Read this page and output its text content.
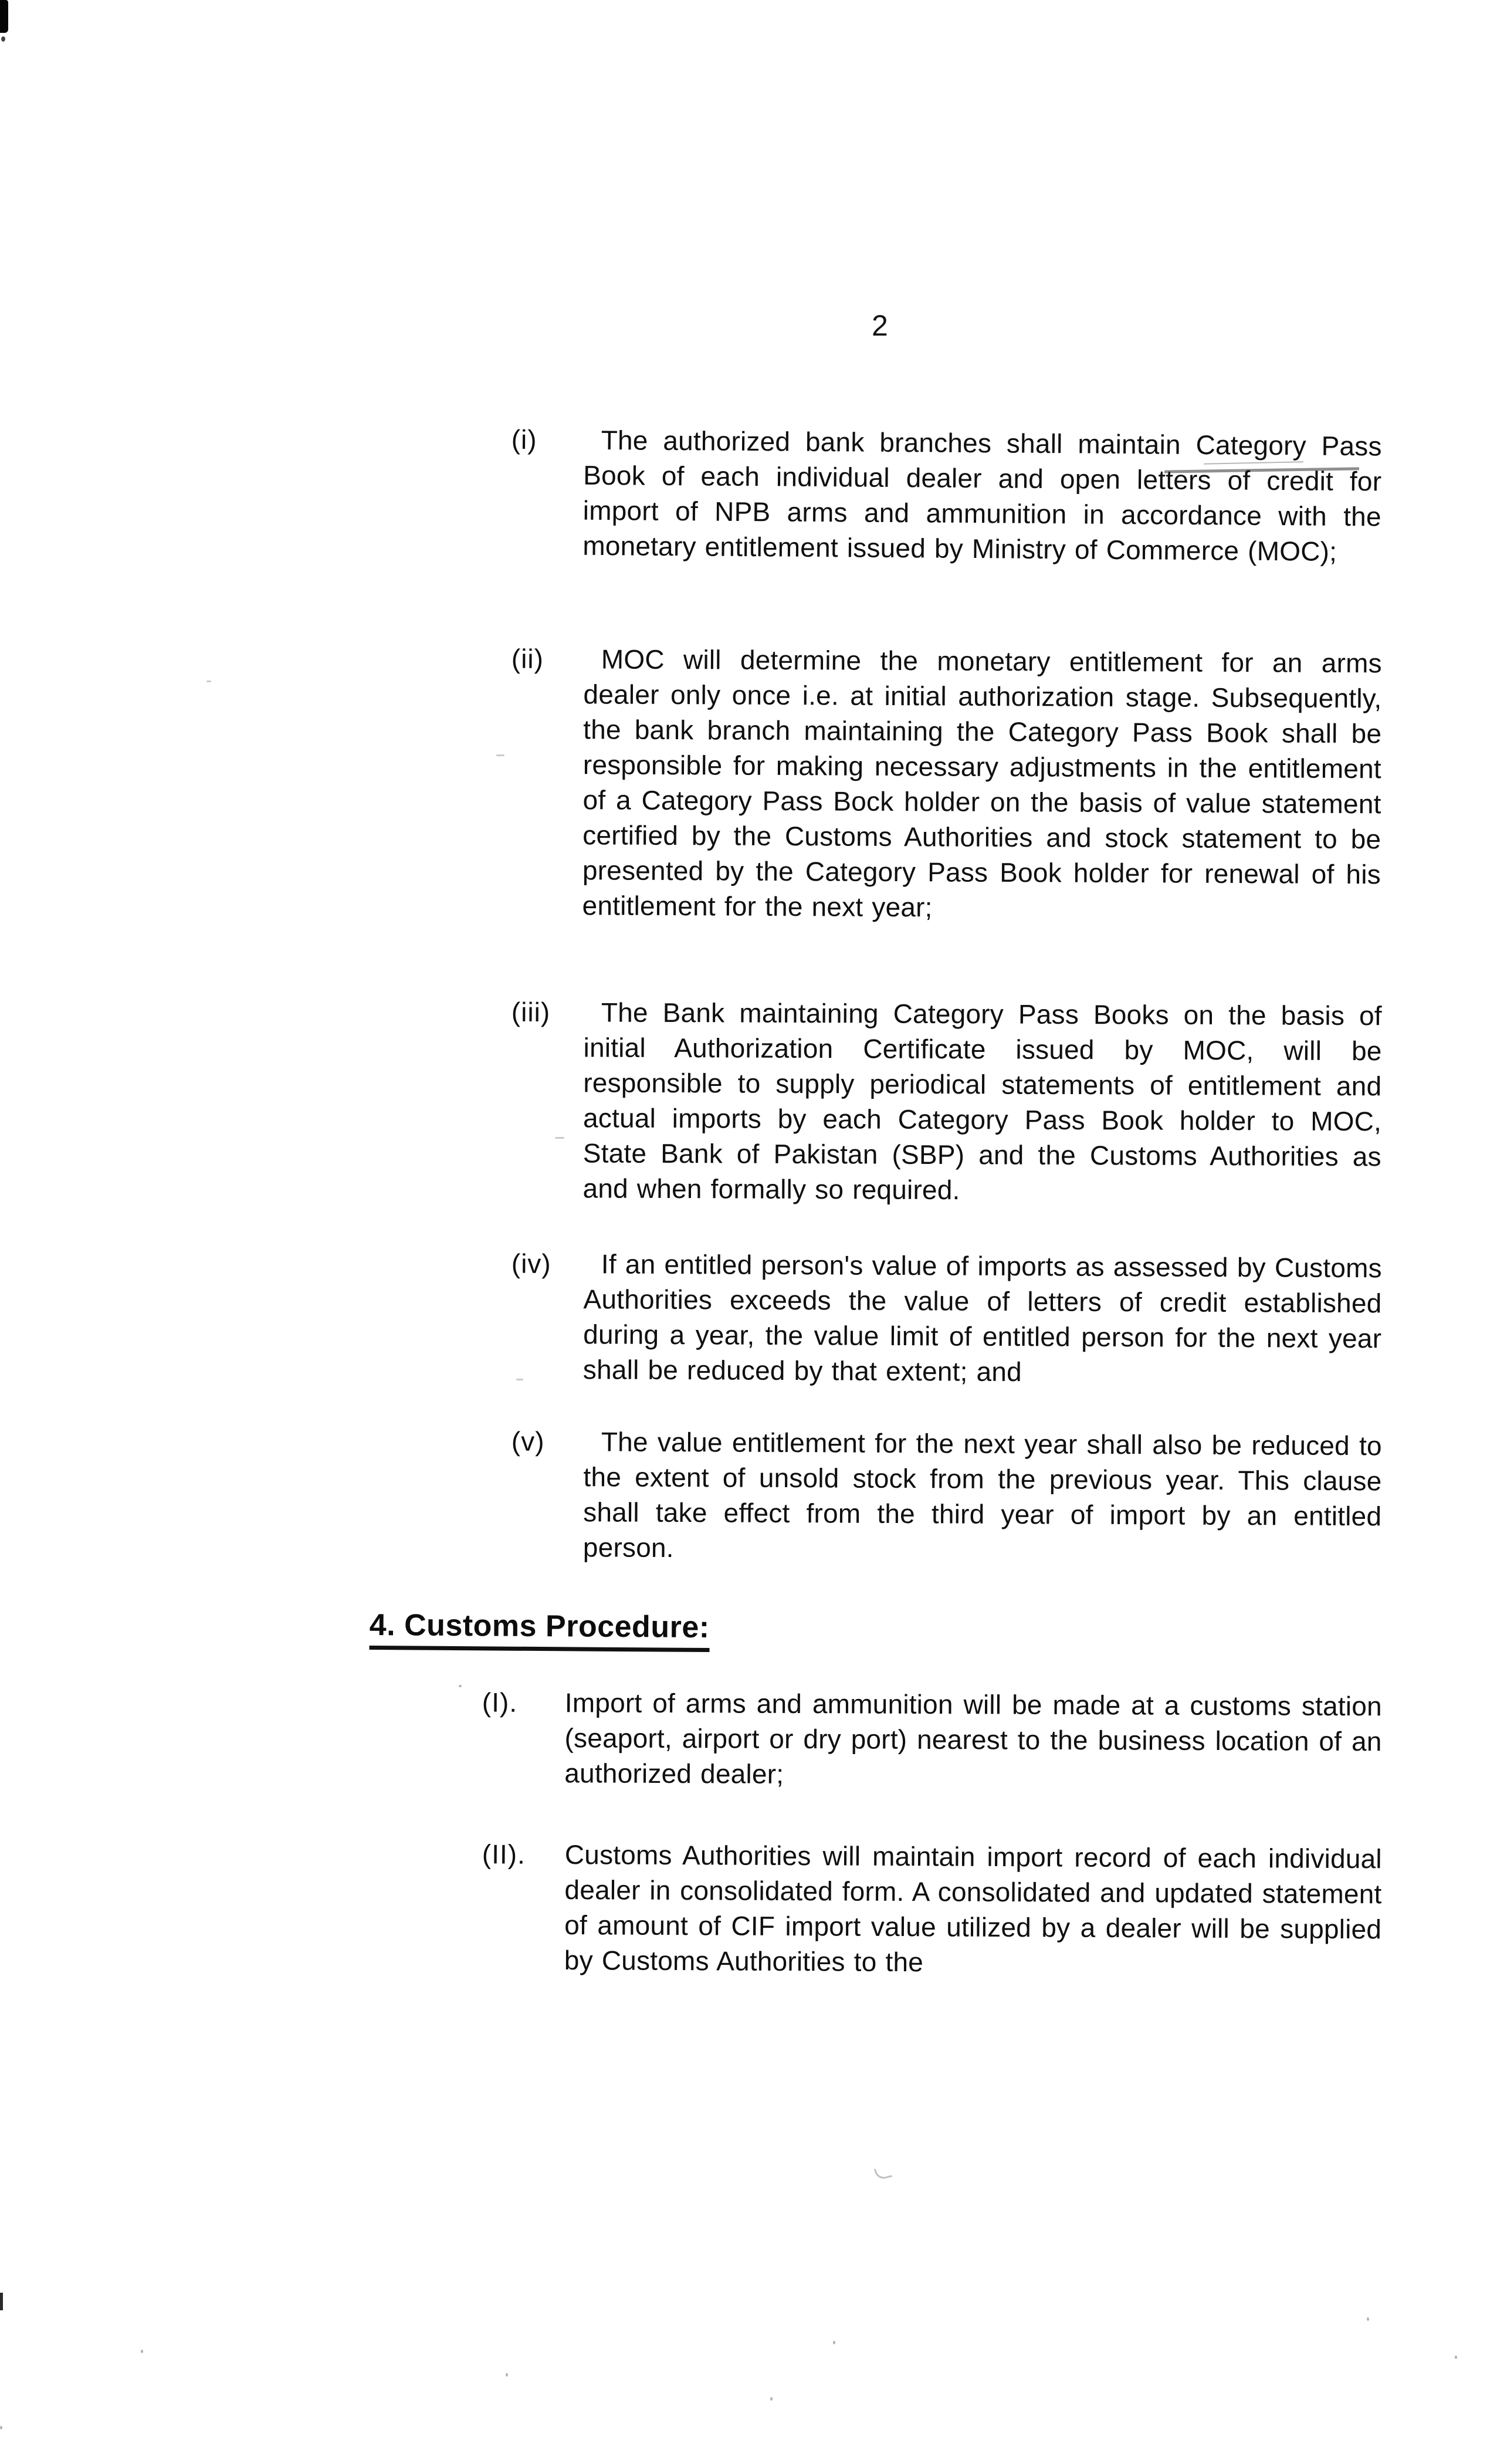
2
(i)	The authorized bank branches shall maintain Category Pass Book of each individual dealer and open letters of credit for import of NPB arms and ammunition in accordance with the monetary entitlement issued by Ministry of Commerce (MOC);
(ii)	MOC will determine the monetary entitlement for an arms dealer only once i.e. at initial authorization stage. Subsequently, the bank branch maintaining the Category Pass Book shall be responsible for making necessary adjustments in the entitlement of a Category Pass Bock holder on the basis of value statement certified by the Customs Authorities and stock statement to be presented by the Category Pass Book holder for renewal of his entitlement for the next year;
(iii)	The Bank maintaining Category Pass Books on the basis of initial Authorization Certificate issued by MOC, will be responsible to supply periodical statements of entitlement and actual imports by each Category Pass Book holder to MOC, State Bank of Pakistan (SBP) and the Customs Authorities as and when formally so required.
(iv)	If an entitled person's value of imports as assessed by Customs Authorities exceeds the value of letters of credit established during a year, the value limit of entitled person for the next year shall be reduced by that extent; and
(v)	The value entitlement for the next year shall also be reduced to the extent of unsold stock from the previous year. This clause shall take effect from the third year of import by an entitled person.
4. Customs Procedure:
(I). Import of arms and ammunition will be made at a customs station (seaport, airport or dry port) nearest to the business location of an authorized dealer;
(II). Customs Authorities will maintain import record of each individual dealer in consolidated form. A consolidated and updated statement of amount of CIF import value utilized by a dealer will be supplied by Customs Authorities to the
